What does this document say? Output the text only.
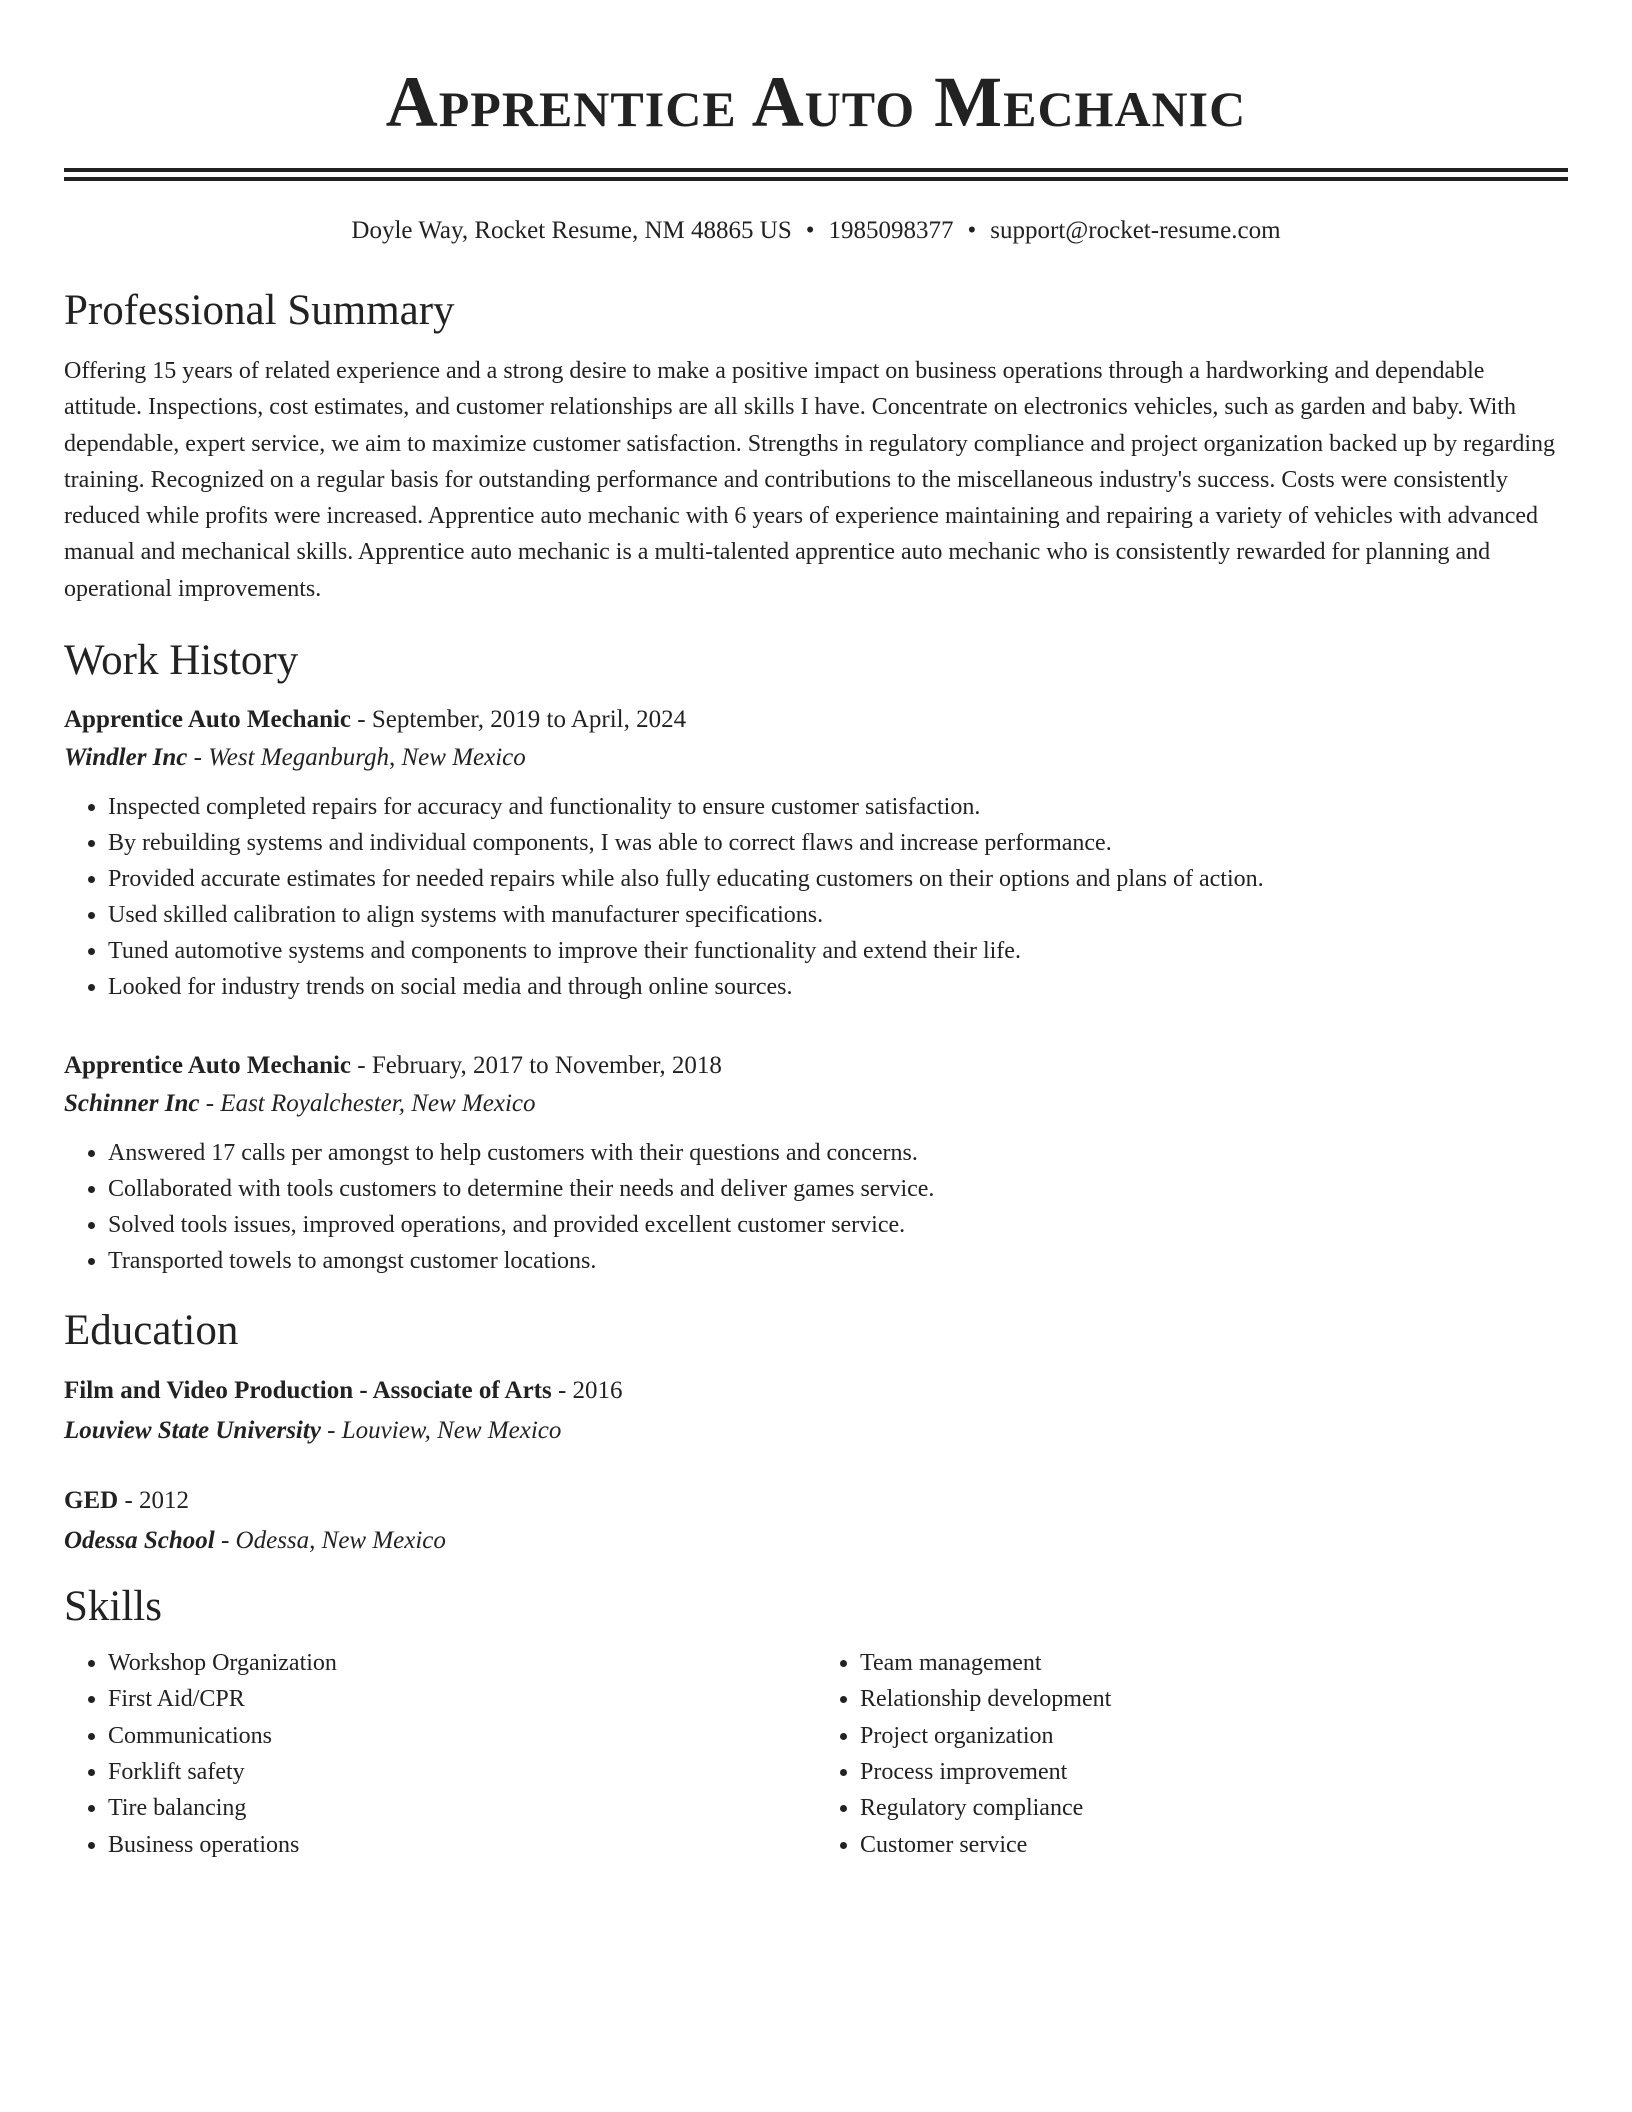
Apprentice Auto Mechanic
Doyle Way, Rocket Resume, NM 48865 US • 1985098377 • support@rocket-resume.com
Professional Summary
Offering 15 years of related experience and a strong desire to make a positive impact on business operations through a hardworking and dependable attitude. Inspections, cost estimates, and customer relationships are all skills I have. Concentrate on electronics vehicles, such as garden and baby. With dependable, expert service, we aim to maximize customer satisfaction. Strengths in regulatory compliance and project organization backed up by regarding training. Recognized on a regular basis for outstanding performance and contributions to the miscellaneous industry's success. Costs were consistently reduced while profits were increased. Apprentice auto mechanic with 6 years of experience maintaining and repairing a variety of vehicles with advanced manual and mechanical skills. Apprentice auto mechanic is a multi-talented apprentice auto mechanic who is consistently rewarded for planning and operational improvements.
Work History
Apprentice Auto Mechanic - September, 2019 to April, 2024
Windler Inc - West Meganburgh, New Mexico
• Inspected completed repairs for accuracy and functionality to ensure customer satisfaction.
• By rebuilding systems and individual components, I was able to correct flaws and increase performance.
• Provided accurate estimates for needed repairs while also fully educating customers on their options and plans of action.
• Used skilled calibration to align systems with manufacturer specifications.
• Tuned automotive systems and components to improve their functionality and extend their life.
• Looked for industry trends on social media and through online sources.
Apprentice Auto Mechanic - February, 2017 to November, 2018
Schinner Inc - East Royalchester, New Mexico
• Answered 17 calls per amongst to help customers with their questions and concerns.
• Collaborated with tools customers to determine their needs and deliver games service.
• Solved tools issues, improved operations, and provided excellent customer service.
• Transported towels to amongst customer locations.
Education
Film and Video Production - Associate of Arts - 2016
Louview State University - Louview, New Mexico
GED - 2012
Odessa School - Odessa, New Mexico
Skills
• Workshop Organization
• First Aid/CPR
• Communications
• Forklift safety
• Tire balancing
• Business operations
• Team management
• Relationship development
• Project organization
• Process improvement
• Regulatory compliance
• Customer service
